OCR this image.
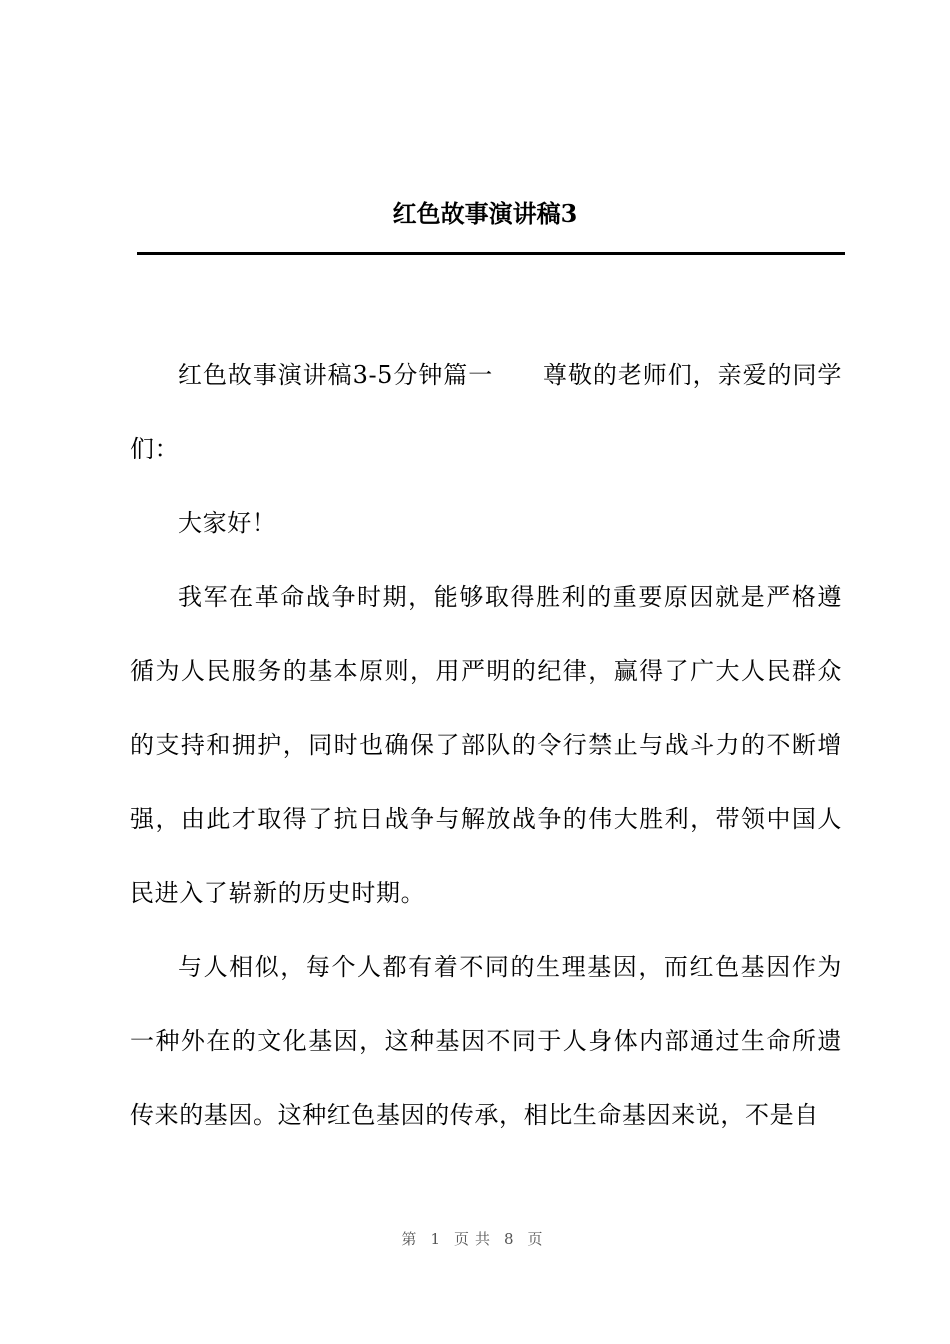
红色故事演讲稿3

红色故事演讲稿3-5分钟篇一　　尊敬的老师们，亲爱的同学们：

大家好！

我军在革命战争时期，能够取得胜利的重要原因就是严格遵循为人民服务的基本原则，用严明的纪律，赢得了广大人民群众的支持和拥护，同时也确保了部队的令行禁止与战斗力的不断增强，由此才取得了抗日战争与解放战争的伟大胜利，带领中国人民进入了崭新的历史时期。

与人相似，每个人都有着不同的生理基因，而红色基因作为一种外在的文化基因，这种基因不同于人身体内部通过生命所遗传来的基因。这种红色基因的传承，相比生命基因来说，不是自

第 1 页共 8 页
